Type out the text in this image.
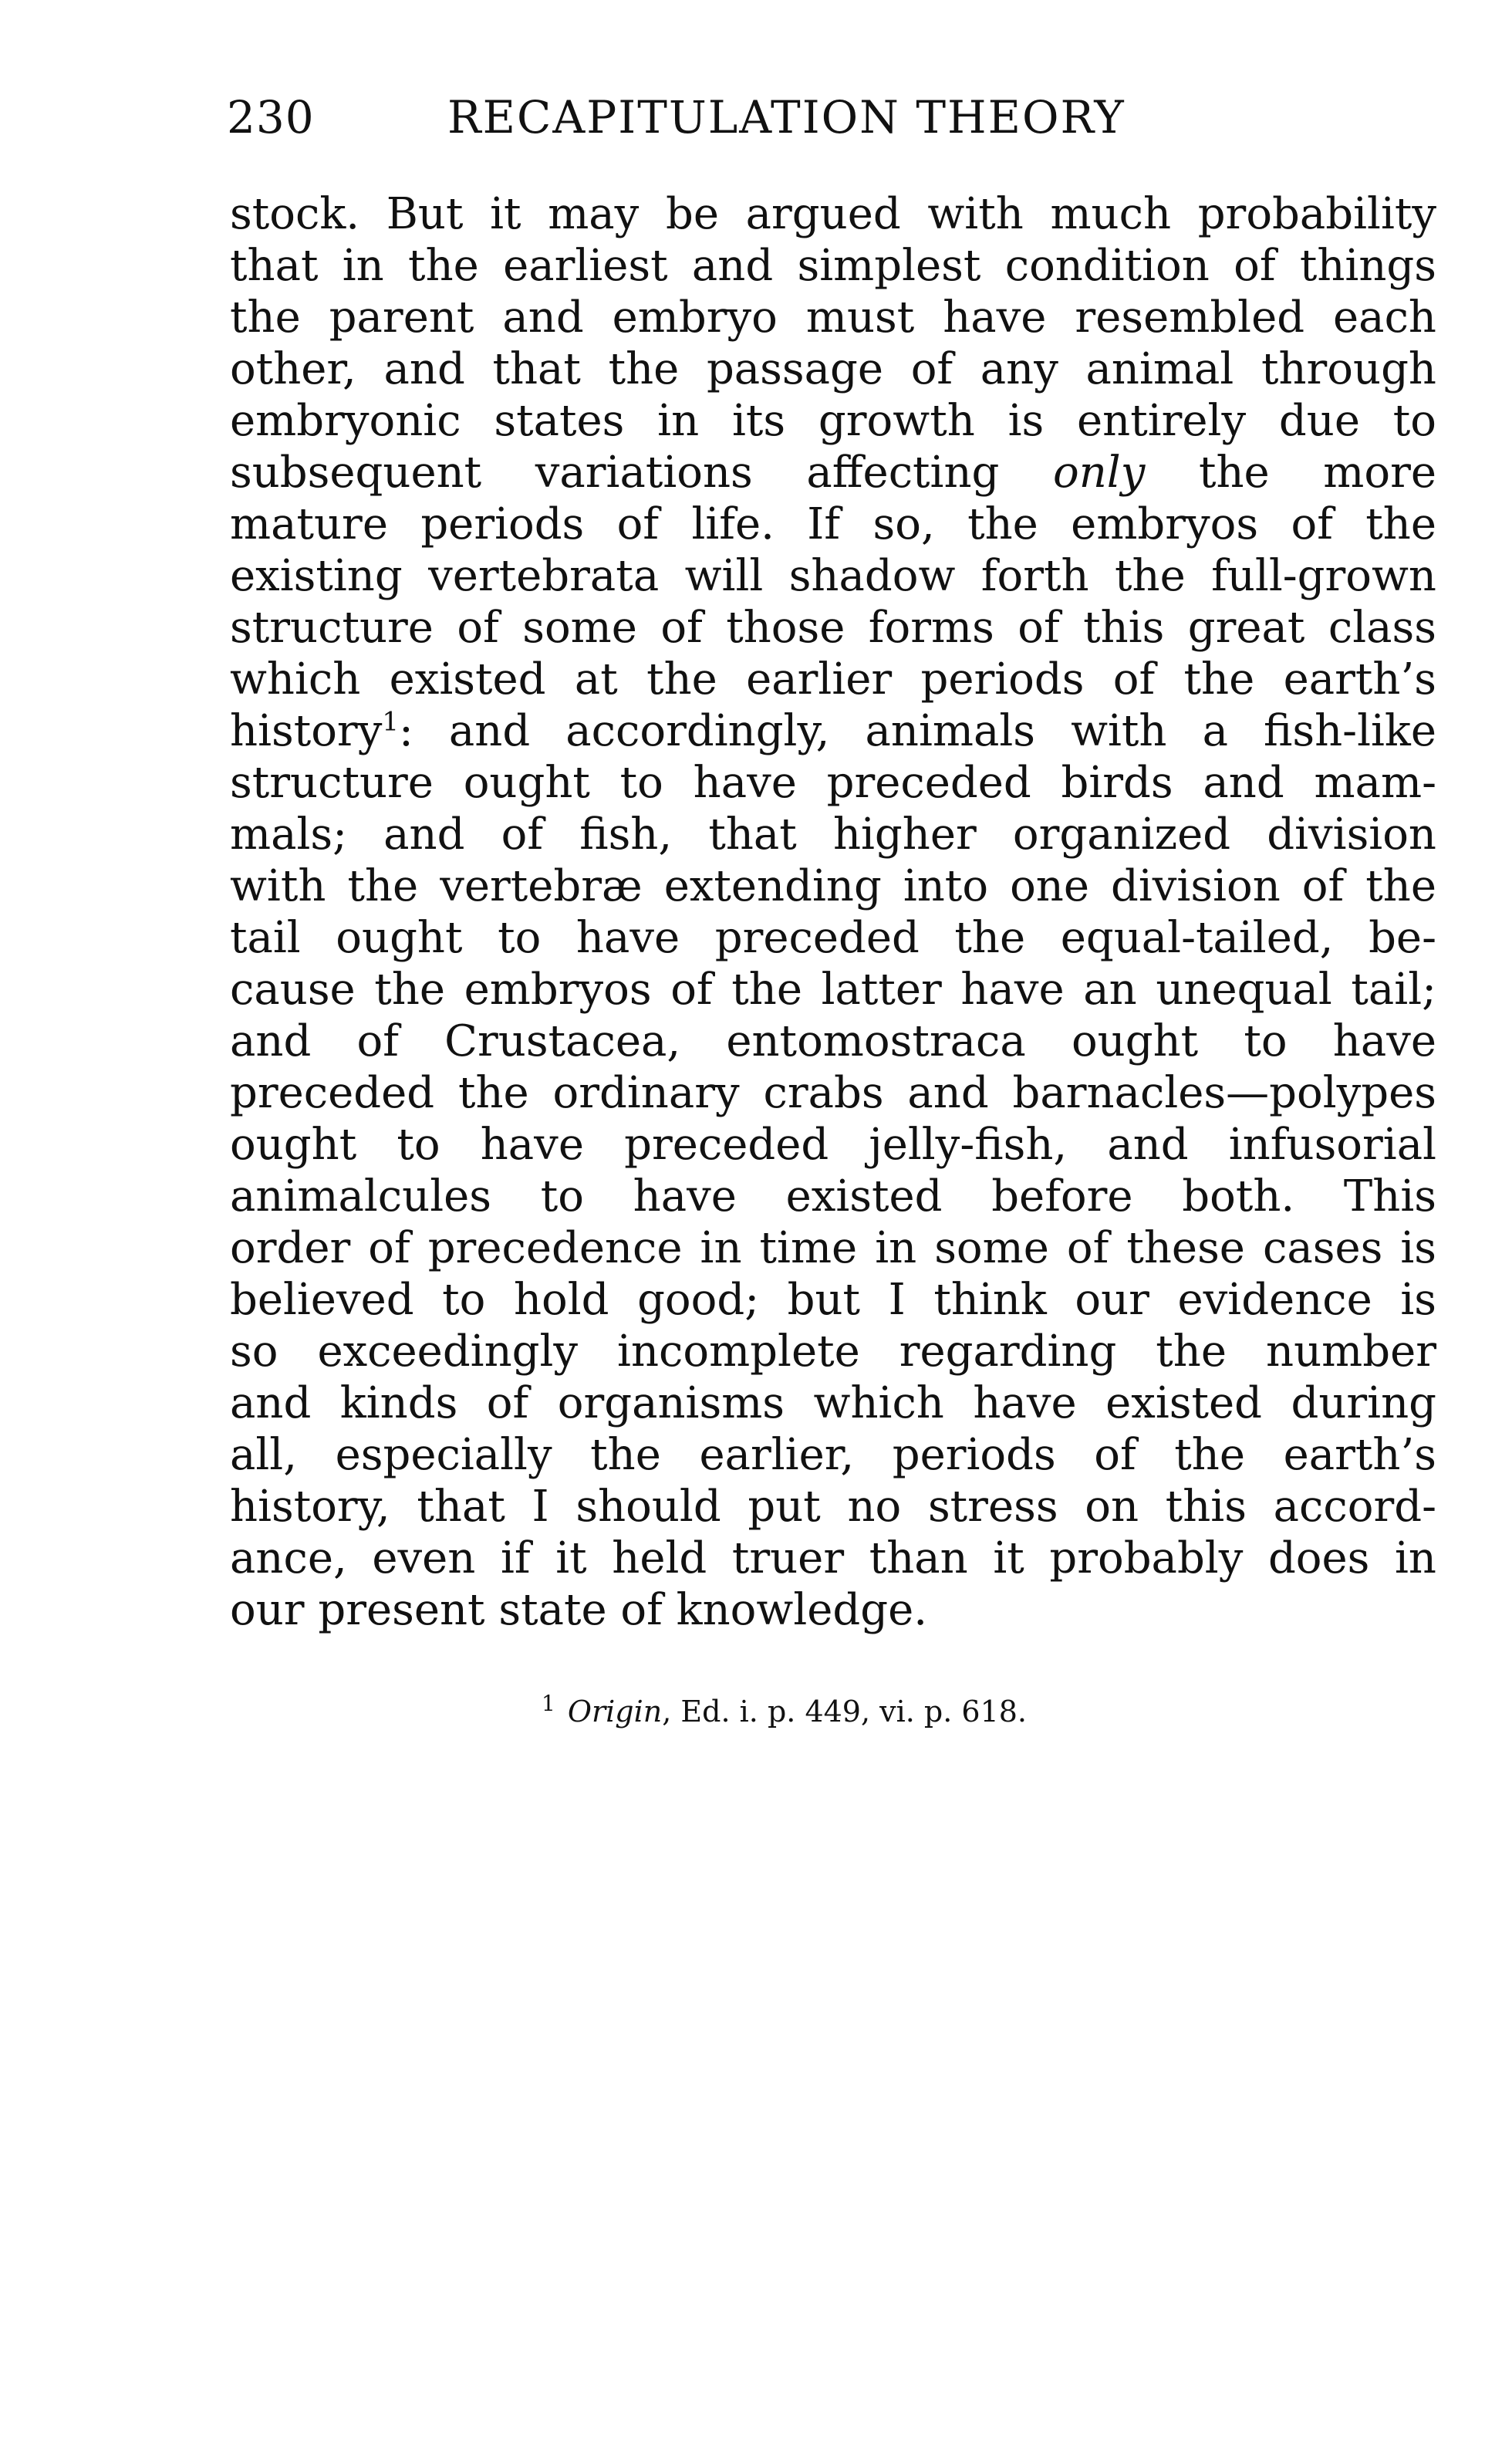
230	RECAPITULATION THEORY
stock. But it may be argued with much probability
that in the earliest and simplest condition of things
the parent and embryo must have resembled each
other, and that the passage of any animal through
embryonic states in its growth is entirely due to
subsequent variations affecting only the more
mature periods of life. If so, the embryos of the
existing vertebrata will shadow forth the full-grown
structure of some of those forms of this great class
which existed at the earlier periods of the earth’s
history$^1$: and accordingly, animals with a fish-like
structure ought to have preceded birds and mam-
mals; and of fish, that higher organized division
with the vertebræ extending into one division of the
tail ought to have preceded the equal-tailed, be-
cause the embryos of the latter have an unequal tail;
and of Crustacea, entomostraca ought to have
preceded the ordinary crabs and barnacles—polypes
ought to have preceded jelly-fish, and infusorial
animalcules to have existed before both. This
order of precedence in time in some of these cases is
believed to hold good; but I think our evidence is
so exceedingly incomplete regarding the number
and kinds of organisms which have existed during
all, especially the earlier, periods of the earth’s
history, that I should put no stress on this accord-
ance, even if it held truer than it probably does in
our present state of knowledge.
$^1$ Origin, Ed. i. p. 449, vi. p. 618.
